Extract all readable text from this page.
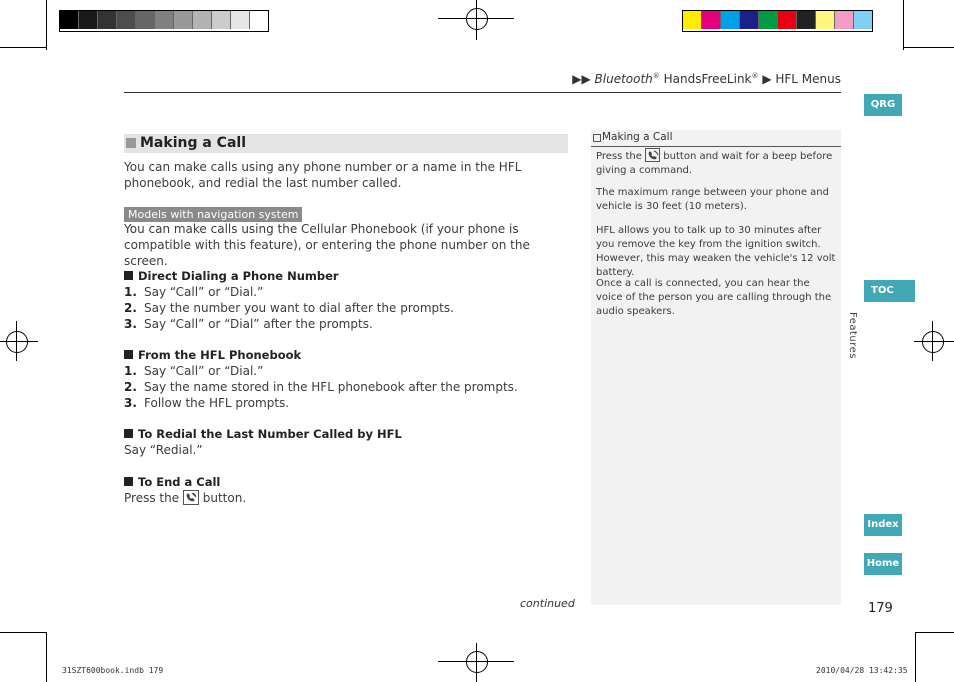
▶▶ Bluetooth® HandsFreeLink® ▶ HFL Menus
QRG
TOC
Features
Index
Home
Making a Call
You can make calls using any phone number or a name in the HFL phonebook, and redial the last number called.
Models with navigation system
You can make calls using the Cellular Phonebook (if your phone is compatible with this feature), or entering the phone number on the screen.
Direct Dialing a Phone Number
1. Say “Call” or “Dial.”
2. Say the number you want to dial after the prompts.
3. Say “Call” or “Dial” after the prompts.
From the HFL Phonebook
1. Say “Call” or “Dial.”
2. Say the name stored in the HFL phonebook after the prompts.
3. Follow the HFL prompts.
To Redial the Last Number Called by HFL
Say “Redial.”
To End a Call
Press the button.
continued	179
Making a Call
Press the button and wait for a beep before giving a command.
The maximum range between your phone and vehicle is 30 feet (10 meters).
HFL allows you to talk up to 30 minutes after you remove the key from the ignition switch. However, this may weaken the vehicle's 12 volt battery.
Once a call is connected, you can hear the voice of the person you are calling through the audio speakers.
31SZT600book.indb 179	2010/04/28 13:42:35
